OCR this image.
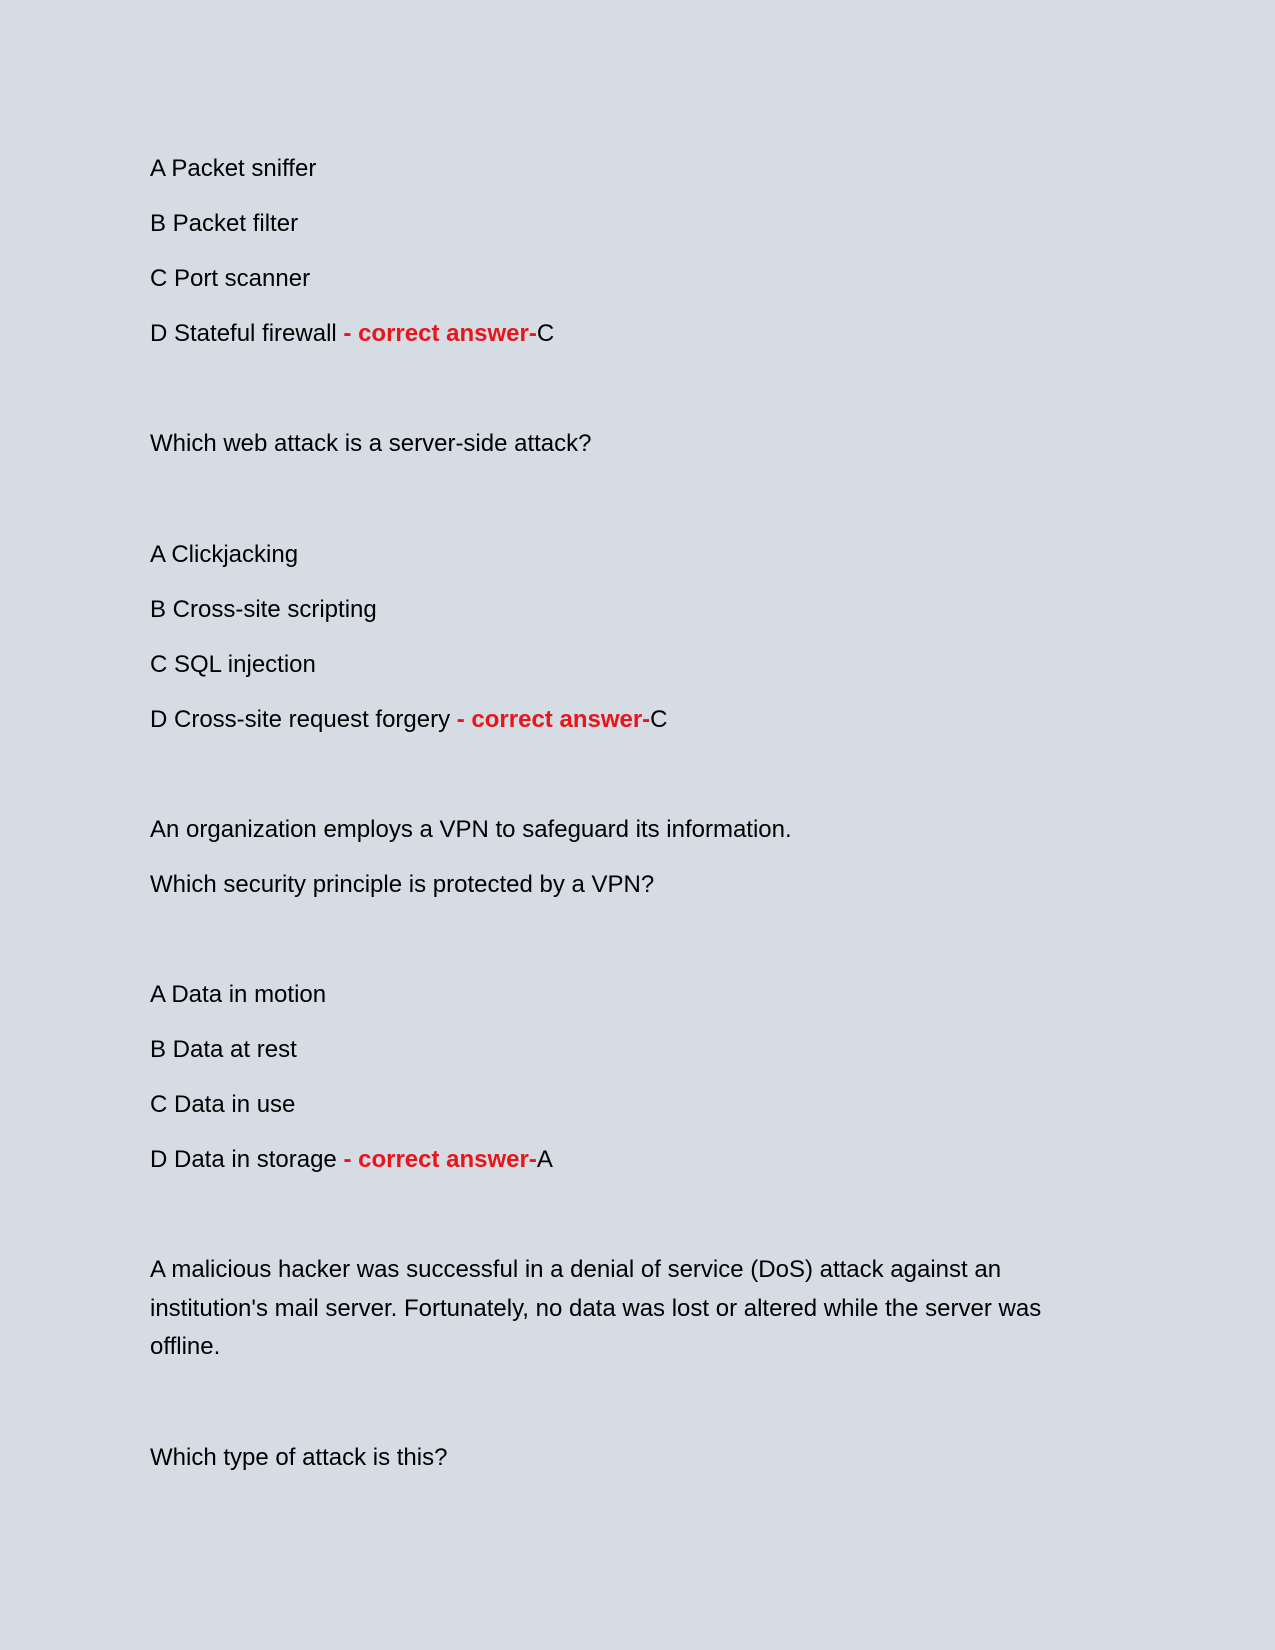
A Packet sniffer
B Packet filter
C Port scanner
D Stateful firewall - correct answer-C
Which web attack is a server-side attack?
A Clickjacking
B Cross-site scripting
C SQL injection
D Cross-site request forgery - correct answer-C
An organization employs a VPN to safeguard its information.
Which security principle is protected by a VPN?
A Data in motion
B Data at rest
C Data in use
D Data in storage - correct answer-A
A malicious hacker was successful in a denial of service (DoS) attack against an institution's mail server. Fortunately, no data was lost or altered while the server was offline.
Which type of attack is this?
